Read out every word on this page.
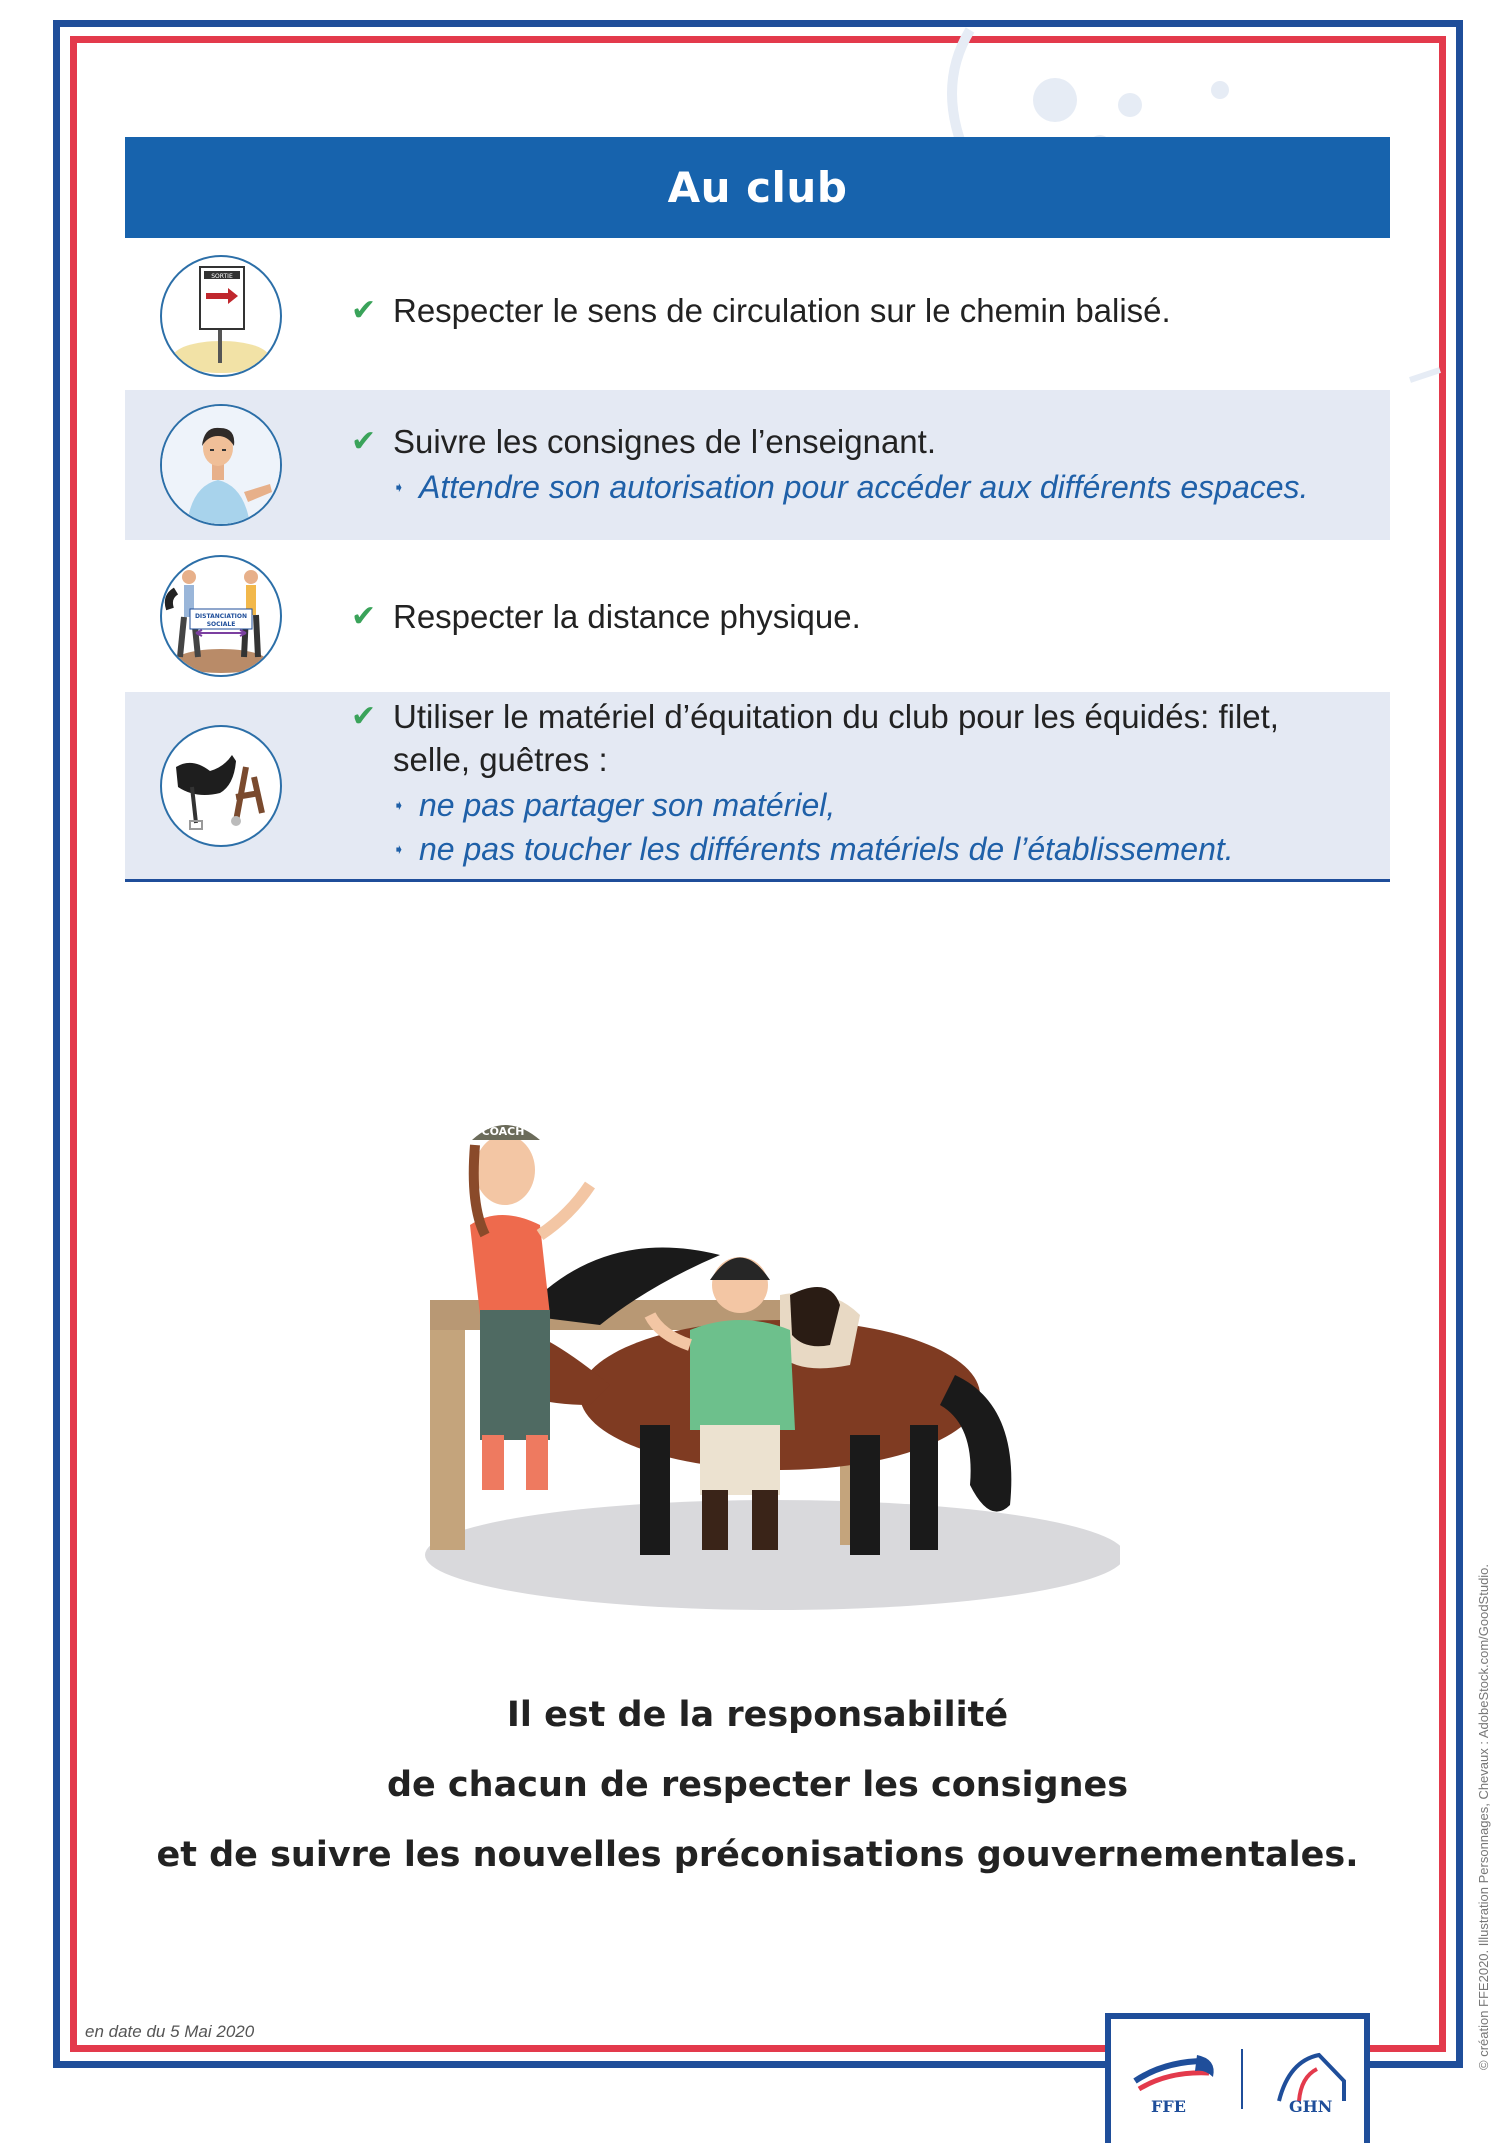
Au club
SORTIE
✔ Respecter le sens de circulation sur le chemin balisé.
✔ Suivre les consignes de l’enseignant.
➧ Attendre son autorisation pour accéder aux différents espaces.
DISTANCIATION
SOCIALE	✔ Respecter la distance physique.
✔ Utiliser le matériel d’équitation du club pour les équidés: filet,
selle, guêtres :
➧ ne pas partager son matériel,
➧ ne pas toucher les différents matériels de l’établissement.
COACH
Il est de la responsabilité
de chacun de respecter les consignes
et de suivre les nouvelles préconisations gouvernementales.
en date du 5 Mai 2020	© création FFE2020. Illustration Personnages, Chevaux : AdobeStock.com/GoodStudio.
FFE	GHN
